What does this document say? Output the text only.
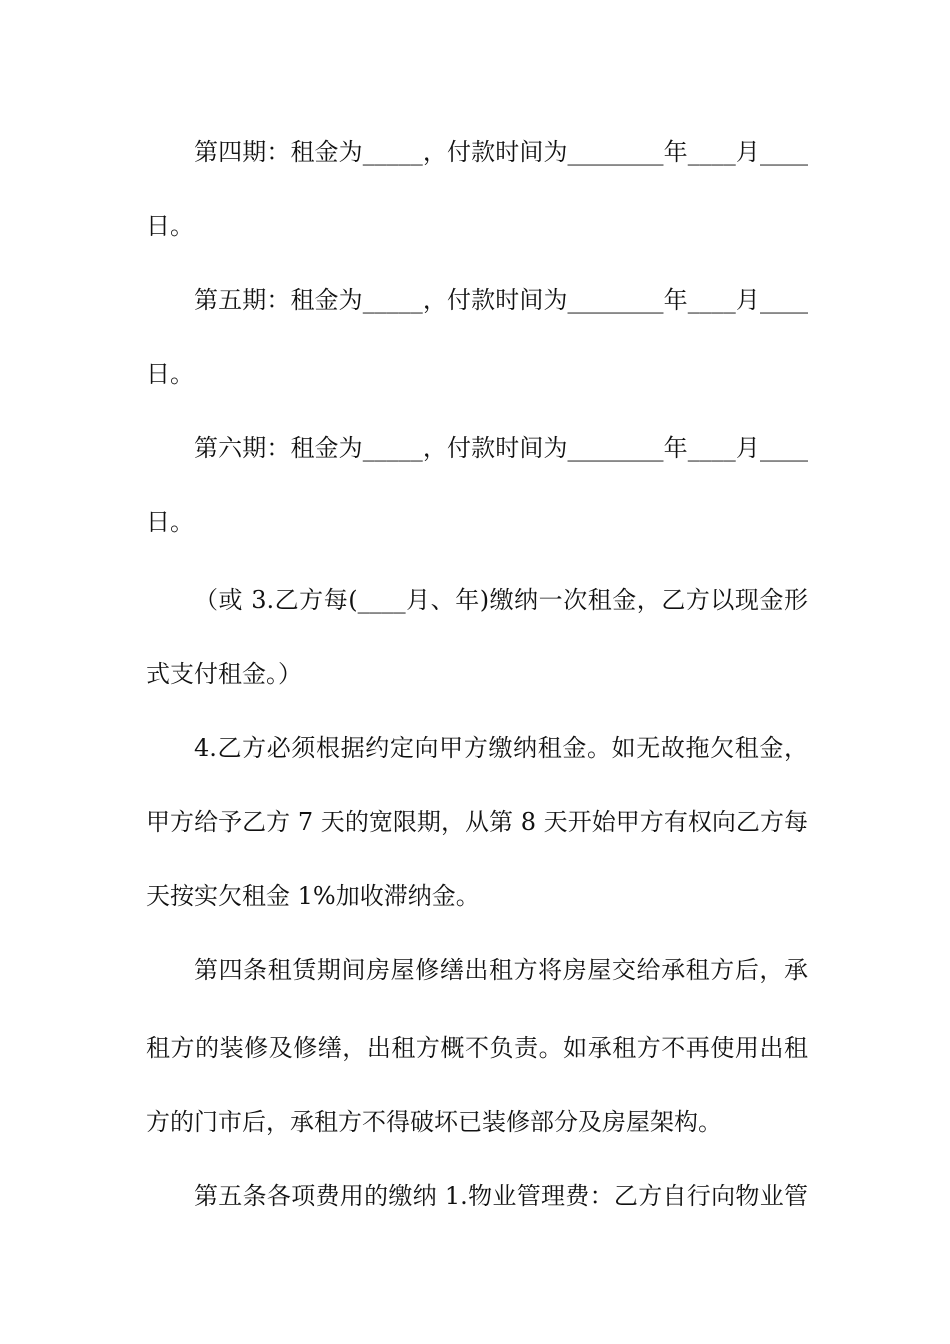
第四期：租金为_____，付款时间为________年____月____
日。
第五期：租金为_____，付款时间为________年____月____
日。
第六期：租金为_____，付款时间为________年____月____
日。
（或 3.乙方每(____月、年)缴纳一次租金，乙方以现金形
式支付租金。）
4.乙方必须根据约定向甲方缴纳租金。如无故拖欠租金，
甲方给予乙方 7 天的宽限期，从第 8 天开始甲方有权向乙方每
天按实欠租金 1%加收滞纳金。
第四条租赁期间房屋修缮出租方将房屋交给承租方后，承
租方的装修及修缮，出租方概不负责。如承租方不再使用出租
方的门市后，承租方不得破坏已装修部分及房屋架构。
第五条各项费用的缴纳 1.物业管理费：乙方自行向物业管
